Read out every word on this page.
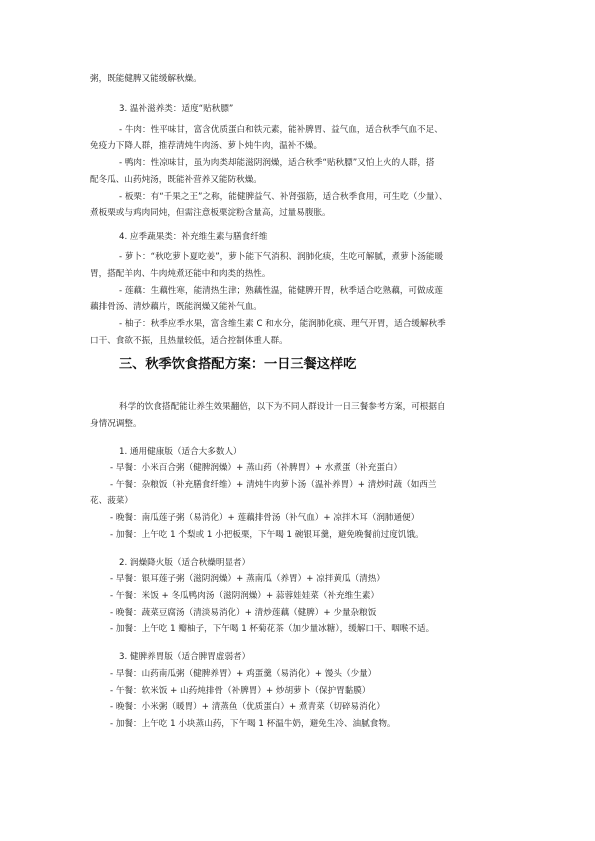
粥，既能健脾又能缓解秋燥。
3. 温补滋养类：适度“贴秋膘”
- 牛肉：性平味甘，富含优质蛋白和铁元素，能补脾胃、益气血，适合秋季气血不足、
免疫力下降人群，推荐清炖牛肉汤、萝卜炖牛肉，温补不燥。
- 鸭肉：性凉味甘，虽为肉类却能滋阴润燥，适合秋季“贴秋膘”又怕上火的人群，搭
配冬瓜、山药炖汤，既能补营养又能防秋燥。
- 板栗：有“千果之王”之称，能健脾益气、补肾强筋，适合秋季食用，可生吃（少量）、
煮板栗或与鸡肉同炖，但需注意板栗淀粉含量高，过量易腹胀。
4. 应季蔬果类：补充维生素与膳食纤维
- 萝卜：“秋吃萝卜夏吃姜”，萝卜能下气消积、润肺化痰，生吃可解腻，煮萝卜汤能暖
胃，搭配羊肉、牛肉炖煮还能中和肉类的热性。
- 莲藕：生藕性寒，能清热生津；熟藕性温，能健脾开胃，秋季适合吃熟藕，可做成莲
藕排骨汤、清炒藕片，既能润燥又能补气血。
- 柚子：秋季应季水果，富含维生素 C 和水分，能润肺化痰、理气开胃，适合缓解秋季
口干、食欲不振，且热量较低，适合控制体重人群。
三、秋季饮食搭配方案：一日三餐这样吃
科学的饮食搭配能让养生效果翻倍，以下为不同人群设计一日三餐参考方案，可根据自
身情况调整。
1. 通用健康版（适合大多数人）
- 早餐：小米百合粥（健脾润燥）+ 蒸山药（补脾胃）+ 水煮蛋（补充蛋白）
- 午餐：杂粮饭（补充膳食纤维）+ 清炖牛肉萝卜汤（温补养胃）+ 清炒时蔬（如西兰
花、菠菜）
- 晚餐：南瓜莲子粥（易消化）+ 莲藕排骨汤（补气血）+ 凉拌木耳（润肺通便）
- 加餐：上午吃 1 个梨或 1 小把板栗，下午喝 1 碗银耳羹，避免晚餐前过度饥饿。
2. 润燥降火版（适合秋燥明显者）
- 早餐：银耳莲子粥（滋阴润燥）+ 蒸南瓜（养胃）+ 凉拌黄瓜（清热）
- 午餐：米饭 + 冬瓜鸭肉汤（滋阴润燥）+ 蒜蓉娃娃菜（补充维生素）
- 晚餐：蔬菜豆腐汤（清淡易消化）+ 清炒莲藕（健脾）+ 少量杂粮饭
- 加餐：上午吃 1 瓣柚子，下午喝 1 杯菊花茶（加少量冰糖），缓解口干、咽喉不适。
3. 健脾养胃版（适合脾胃虚弱者）
- 早餐：山药南瓜粥（健脾养胃）+ 鸡蛋羹（易消化）+ 馒头（少量）
- 午餐：软米饭 + 山药炖排骨（补脾胃）+ 炒胡萝卜（保护胃黏膜）
- 晚餐：小米粥（暖胃）+ 清蒸鱼（优质蛋白）+ 煮青菜（切碎易消化）
- 加餐：上午吃 1 小块蒸山药，下午喝 1 杯温牛奶，避免生冷、油腻食物。
